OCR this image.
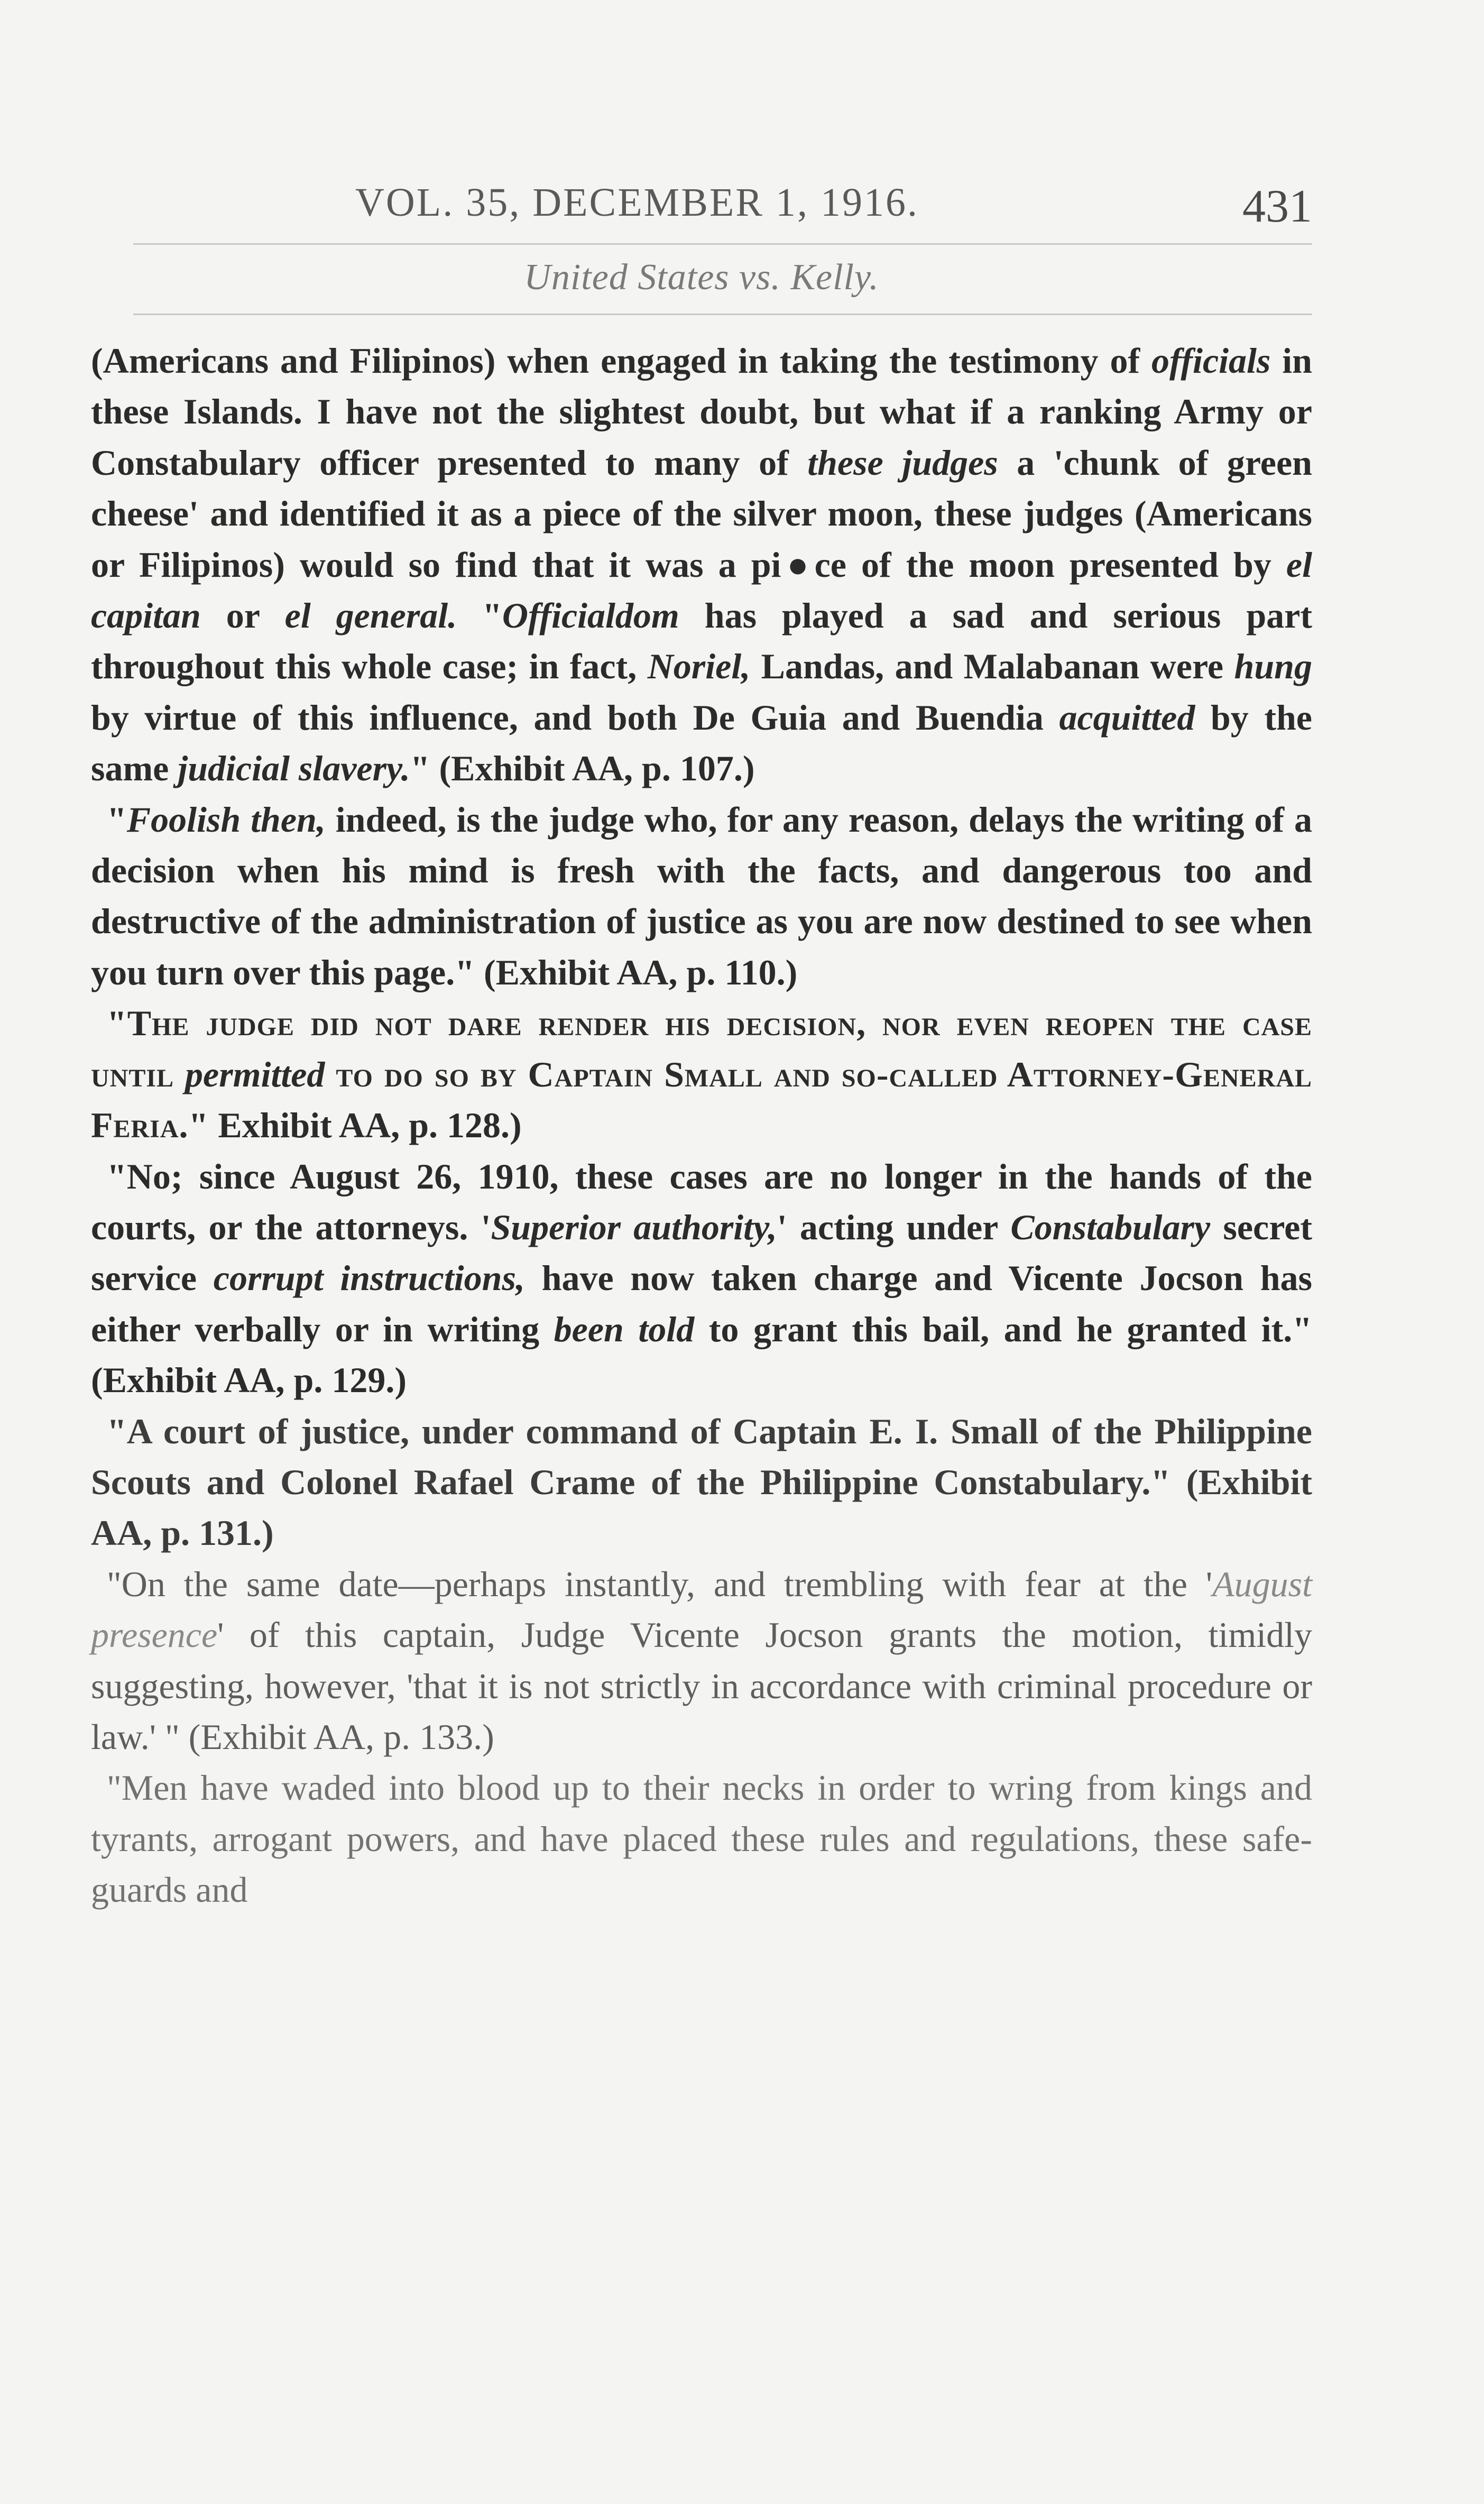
VOL. 35, DECEMBER 1, 1916.	431
United States vs. Kelly.

(Americans and Filipinos) when engaged in taking the testimony of officials in these Islands. I have not the slightest doubt, but what if a ranking Army or Constabulary officer presented to many of these judges a 'chunk of green cheese' and identified it as a piece of the silver moon, these judges (Americans or Filipinos) would so find that it was a pi●ce of the moon presented by el capitan or el general. "Officialdom has played a sad and serious part throughout this whole case; in fact, Noriel, Landas, and Malabanan were hung by virtue of this influence, and both De Guia and Buendia acquitted by the same judicial slavery." (Exhibit AA, p. 107.)

"Foolish then, indeed, is the judge who, for any reason, delays the writing of a decision when his mind is fresh with the facts, and dangerous too and destructive of the administration of justice as you are now destined to see when you turn over this page." (Exhibit AA, p. 110.)

"The judge did not dare render his decision, nor even reopen the case until permitted to do so by Captain Small and so-called Attorney-General Feria." Exhibit AA, p. 128.)

"No; since August 26, 1910, these cases are no longer in the hands of the courts, or the attorneys. 'Superior authority,' acting under Constabulary secret service corrupt instructions, have now taken charge and Vicente Jocson has either verbally or in writing been told to grant this bail, and he granted it." (Exhibit AA, p. 129.)

"A court of justice, under command of Captain E. I. Small of the Philippine Scouts and Colonel Rafael Crame of the Philippine Constabulary." (Exhibit AA, p. 131.)

"On the same date—perhaps instantly, and trembling with fear at the 'August presence' of this captain, Judge Vicente Jocson grants the motion, timidly suggesting, however, 'that it is not strictly in accordance with criminal procedure or law.' " (Exhibit AA, p. 133.)

"Men have waded into blood up to their necks in order to wring from kings and tyrants, arrogant powers, and have placed these rules and regulations, these safe-guards and
